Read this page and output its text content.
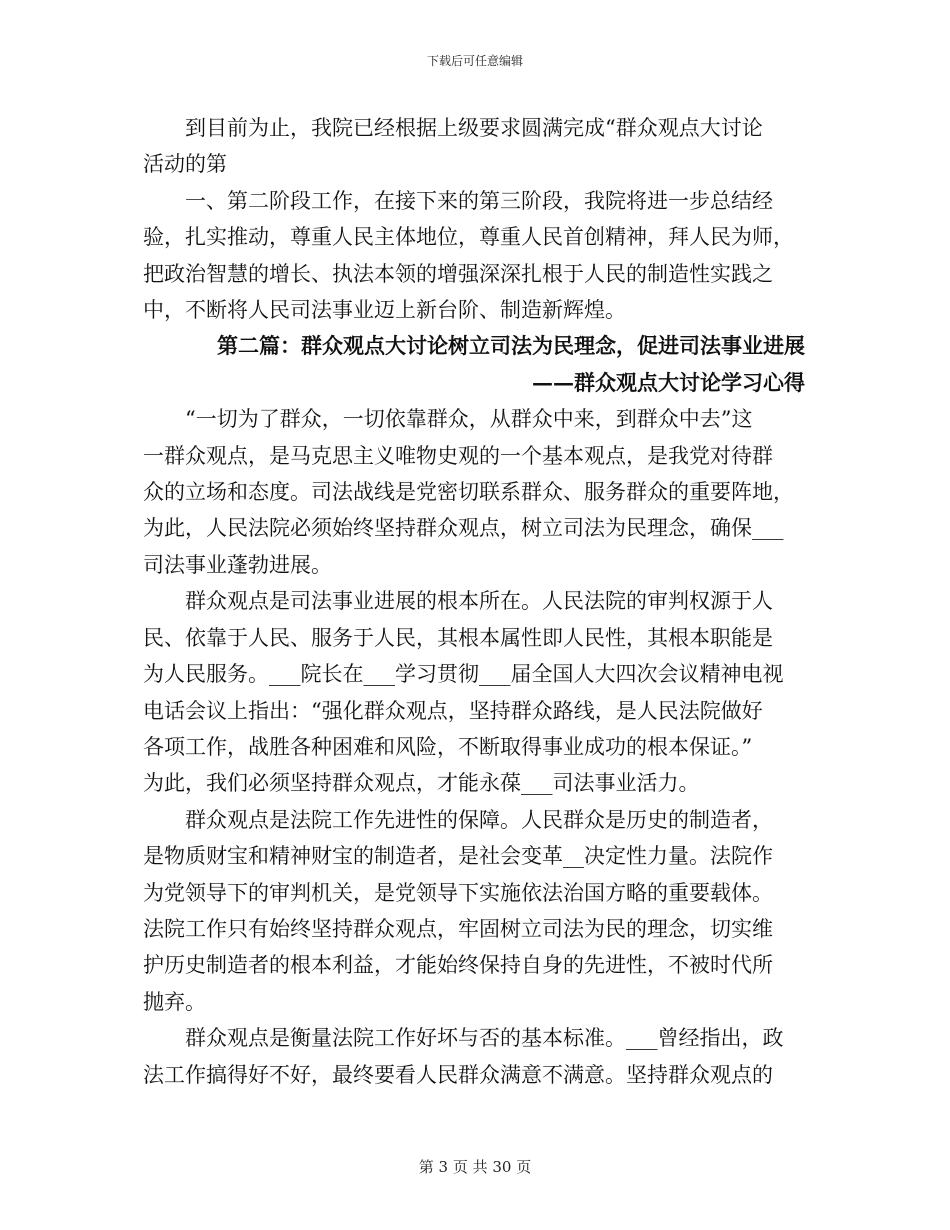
下载后可任意编辑

　　到目前为止，我院已经根据上级要求圆满完成“群众观点大讨论
活动的第

　　一、第二阶段工作，在接下来的第三阶段，我院将进一步总结经
验，扎实推动，尊重人民主体地位，尊重人民首创精神，拜人民为师，
把政治智慧的增长、执法本领的增强深深扎根于人民的制造性实践之
中，不断将人民司法事业迈上新台阶、制造新辉煌。

第二篇：群众观点大讨论树立司法为民理念，促进司法事业进展

——群众观点大讨论学习心得

　　“一切为了群众，一切依靠群众，从群众中来，到群众中去”这
一群众观点，是马克思主义唯物史观的一个基本观点，是我党对待群
众的立场和态度。司法战线是党密切联系群众、服务群众的重要阵地，
为此，人民法院必须始终坚持群众观点，树立司法为民理念，确保___
司法事业蓬勃进展。

　　群众观点是司法事业进展的根本所在。人民法院的审判权源于人
民、依靠于人民、服务于人民，其根本属性即人民性，其根本职能是
为人民服务。___院长在___学习贯彻___届全国人大四次会议精神电视
电话会议上指出：“强化群众观点，坚持群众路线，是人民法院做好
各项工作，战胜各种困难和风险，不断取得事业成功的根本保证。”
为此，我们必须坚持群众观点，才能永葆___司法事业活力。

　　群众观点是法院工作先进性的保障。人民群众是历史的制造者，
是物质财宝和精神财宝的制造者，是社会变革__决定性力量。法院作
为党领导下的审判机关，是党领导下实施依法治国方略的重要载体。
法院工作只有始终坚持群众观点，牢固树立司法为民的理念，切实维
护历史制造者的根本利益，才能始终保持自身的先进性，不被时代所
抛弃。

　　群众观点是衡量法院工作好坏与否的基本标准。___曾经指出，政
法工作搞得好不好，最终要看人民群众满意不满意。坚持群众观点的

第 3 页 共 30 页
